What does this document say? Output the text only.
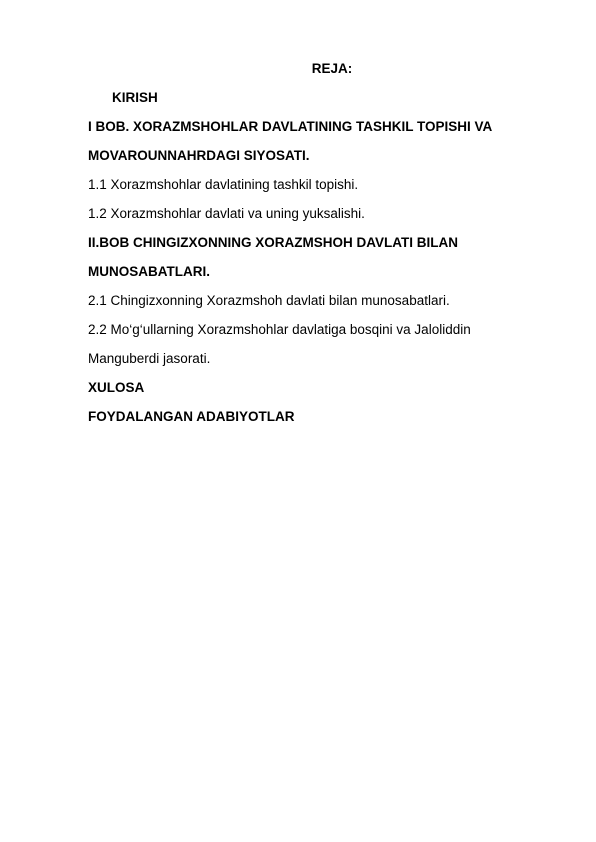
REJA:
KIRISH
I BOB. XORAZMSHOHLAR DAVLATINING TASHKIL TOPISHI VA
MOVAROUNNAHRDAGI SIYOSATI.
1.1 Xorazmshohlar davlatining tashkil topishi.
1.2 Xorazmshohlar davlati va uning yuksalishi.
II.BOB CHINGIZXONNING XORAZMSHOH DAVLATI BILAN
MUNOSABATLARI.
2.1 Chingizxonning Xorazmshoh davlati bilan munosabatlari.
2.2 Mo‘g‘ullarning Xorazmshohlar davlatiga bosqini va Jaloliddin
Manguberdi jasorati.
XULOSA
FOYDALANGAN ADABIYOTLAR
